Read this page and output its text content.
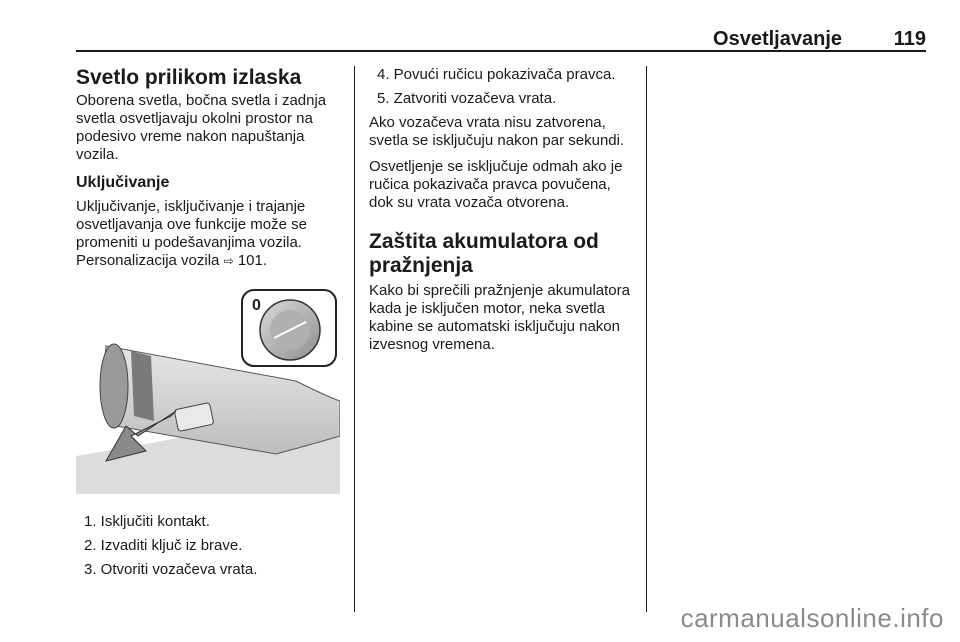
Osvetljavanje	119
Svetlo prilikom izlaska

Oborena svetla, bočna svetla i zadnja svetla osvetljavaju okolni prostor na podesivo vreme nakon napuštanja vozila.

Uključivanje

Uključivanje, isključivanje i trajanje osvetljavanja ove funkcije može se promeniti u podešavanjima vozila. Personalizacija vozila ⇨ 101.

0
1. Isključiti kontakt.
2. Izvaditi ključ iz brave.
3. Otvoriti vozačeva vrata.
4. Povući ručicu pokazivača pravca.
5. Zatvoriti vozačeva vrata.

Ako vozačeva vrata nisu zatvorena, svetla se isključuju nakon par sekundi.

Osvetljenje se isključuje odmah ako je ručica pokazivača pravca povučena, dok su vrata vozača otvorena.

Zaštita akumulatora od pražnjenja

Kako bi sprečili pražnjenje akumulatora kada je isključen motor, neka svetla kabine se automatski isključuju nakon izvesnog vremena.

carmanualsonline.info
